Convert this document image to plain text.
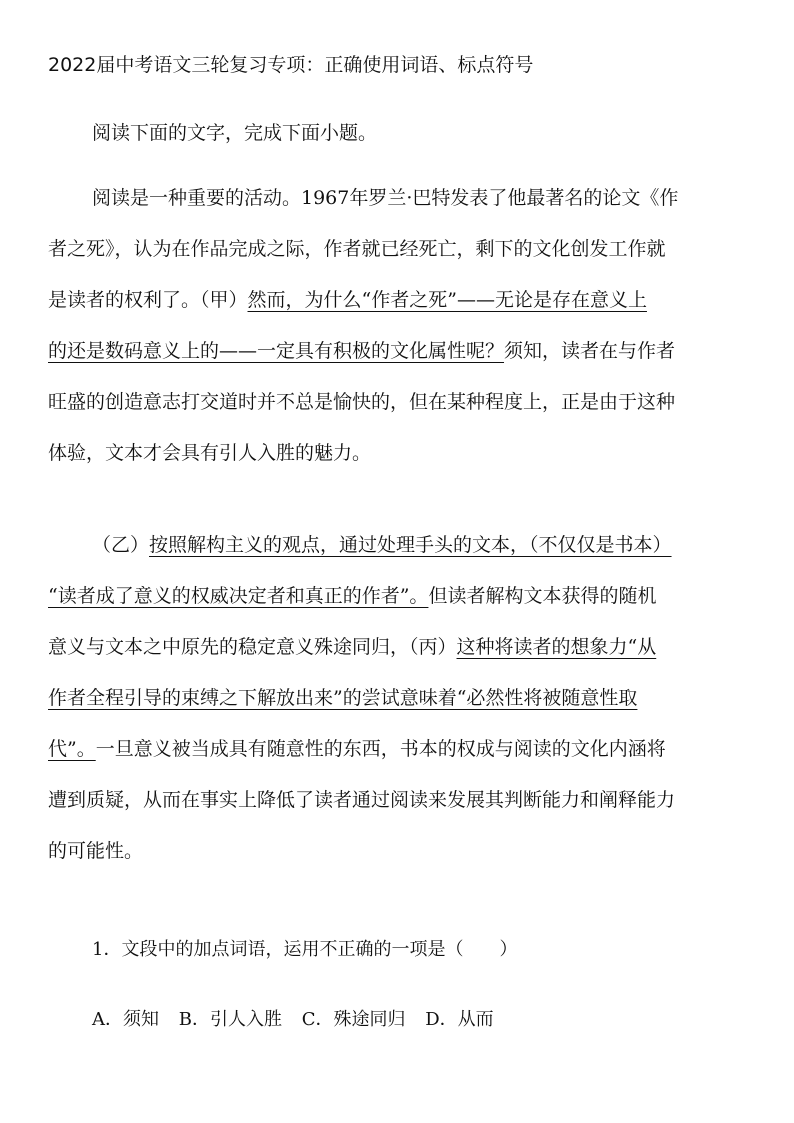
2022届中考语文三轮复习专项：正确使用词语、标点符号
阅读下面的文字，完成下面小题。
阅读是一种重要的活动。1967年罗兰·巴特发表了他最著名的论文《作
者之死》，认为在作品完成之际，作者就已经死亡，剩下的文化创发工作就
是读者的权利了。（甲）然而，为什么“作者之死”——无论是存在意义上
的还是数码意义上的——一定具有积极的文化属性呢？须知，读者在与作者
旺盛的创造意志打交道时并不总是愉快的，但在某种程度上，正是由于这种
体验，文本才会具有引人入胜的魅力。
（乙）按照解构主义的观点，通过处理手头的文本，（不仅仅是书本）
“读者成了意义的权威决定者和真正的作者”。但读者解构文本获得的随机
意义与文本之中原先的稳定意义殊途同归，（丙）这种将读者的想象力“从
作者全程引导的束缚之下解放出来”的尝试意味着“必然性将被随意性取
代”。一旦意义被当成具有随意性的东西，书本的权成与阅读的文化内涵将
遭到质疑，从而在事实上降低了读者通过阅读来发展其判断能力和阐释能力
的可能性。
1．文段中的加点词语，运用不正确的一项是（　　）
A．须知 B．引人入胜 C．殊途同归 D．从而
